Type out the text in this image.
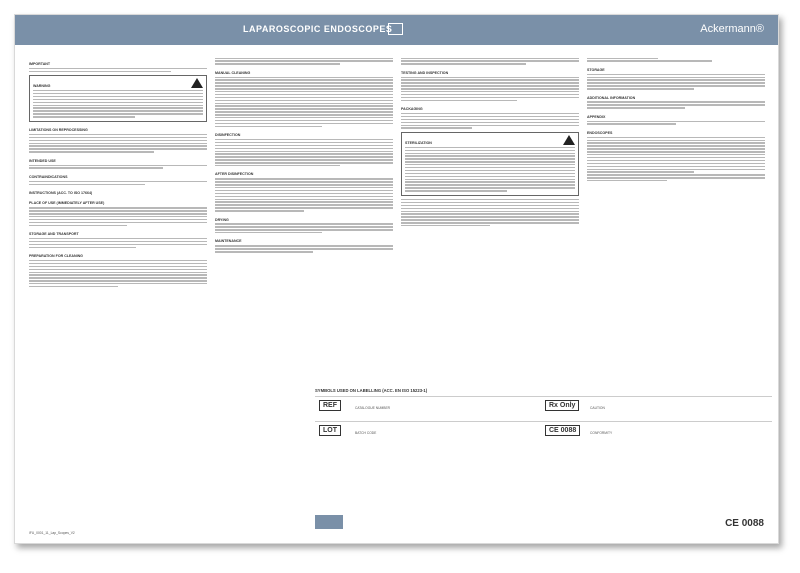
LAPAROSCOPIC ENDOSCOPES	Ackermann®
IMPORTANT
WARNING
LIMITATIONS ON REPROCESSING
INTENDED USE
CONTRAINDICATIONS
INSTRUCTIONS (ACC. TO ISO 17664)
PLACE OF USE (IMMEDIATELY AFTER USE)
STORAGE AND TRANSPORT
PREPARATION FOR CLEANING
MANUAL CLEANING
DISINFECTION
AFTER DISINFECTION
DRYING
MAINTENANCE
TESTING AND INSPECTION
PACKAGING
STERILIZATION
STORAGE
ADDITIONAL INFORMATION
APPENDIX
ENDOSCOPES
SYMBOLS USED ON LABELLING (ACC. EN ISO 15223-1)
REF	CATALOGUE NUMBER	Rx Only	CAUTION
LOT	BATCH CODE	CE 0088	CONFORMITY
IFU_0001_11_Lap_Scopes_V2
CE 0088
